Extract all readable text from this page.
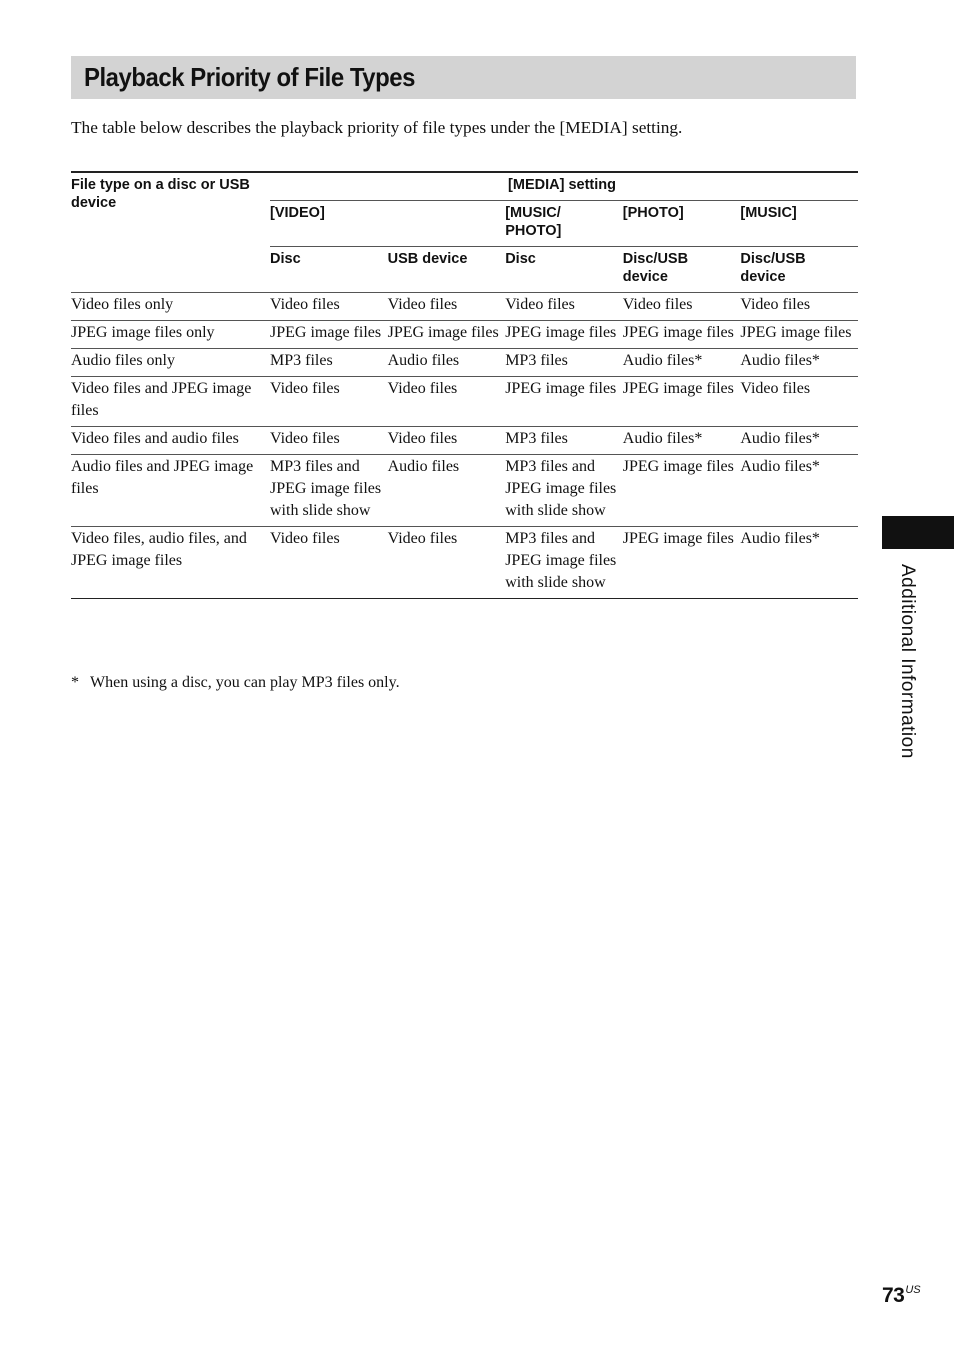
Playback Priority of File Types

The table below describes the playback priority of file types under the [MEDIA] setting.

File type on a disc or USB device	[MEDIA] setting				
	[VIDEO]		[MUSIC/ PHOTO]	[PHOTO]	[MUSIC]
	Disc	USB device	Disc	Disc/USB device	Disc/USB device
Video files only	Video files	Video files	Video files	Video files	Video files
JPEG image files only	JPEG image files	JPEG image files	JPEG image files	JPEG image files	JPEG image files
Audio files only	MP3 files	Audio files	MP3 files	Audio files*	Audio files*
Video files and JPEG image files	Video files	Video files	JPEG image files	JPEG image files	Video files
Video files and audio files	Video files	Video files	MP3 files	Audio files*	Audio files*
Audio files and JPEG image files	MP3 files and JPEG image files with slide show	Audio files	MP3 files and JPEG image files with slide show	JPEG image files	Audio files*
Video files, audio files, and JPEG image files	Video files	Video files	MP3 files and JPEG image files with slide show	JPEG image files	Audio files*

* When using a disc, you can play MP3 files only.	Additional Information
$73^{US}$
